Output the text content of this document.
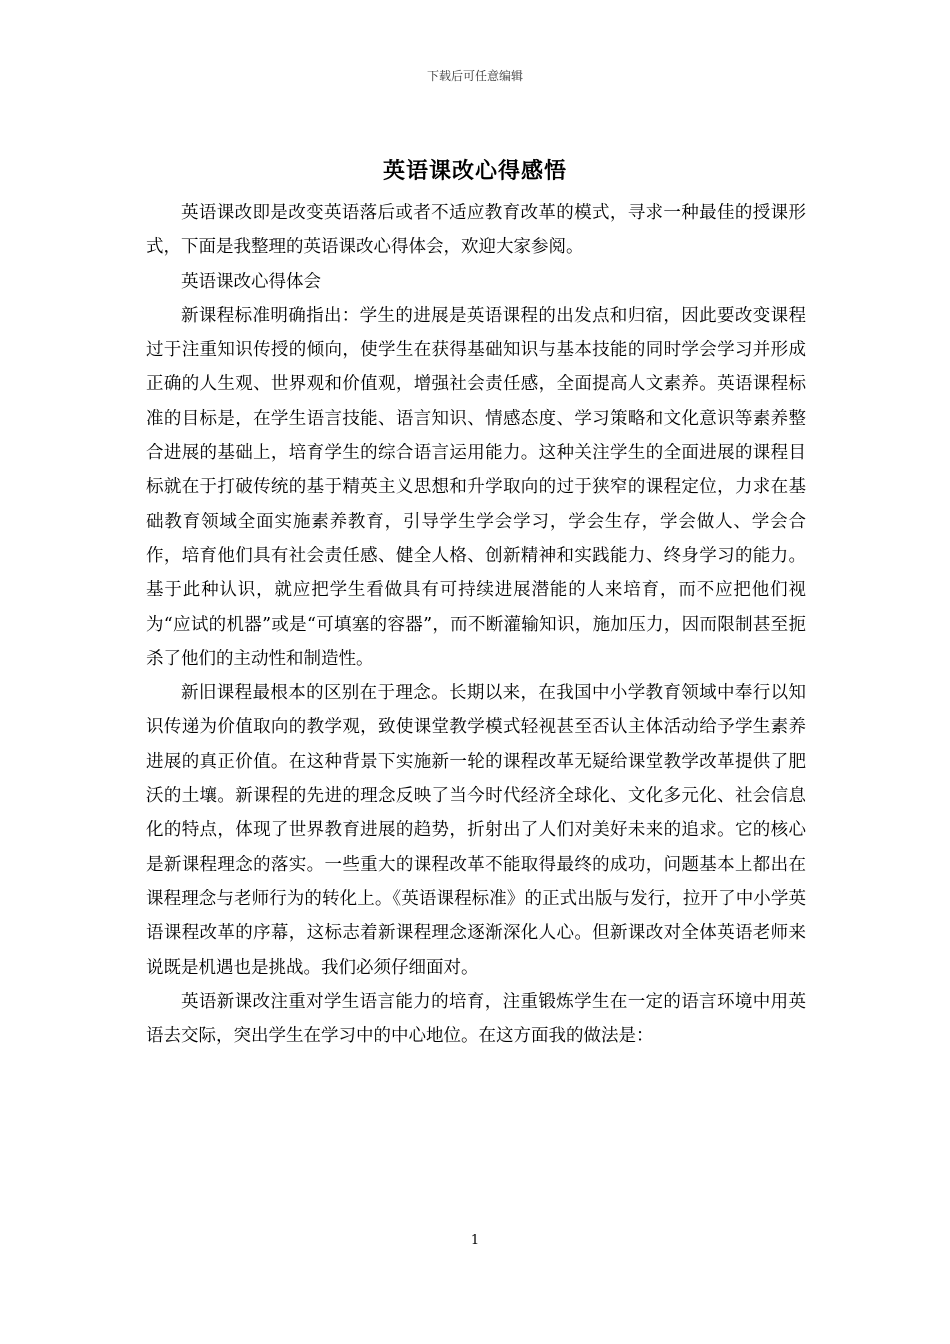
下载后可任意编辑
英语课改心得感悟

英语课改即是改变英语落后或者不适应教育改革的模式，寻求一种最佳的授课形式，下面是我整理的英语课改心得体会，欢迎大家参阅。

英语课改心得体会

新课程标准明确指出：学生的进展是英语课程的出发点和归宿，因此要改变课程过于注重知识传授的倾向，使学生在获得基础知识与基本技能的同时学会学习并形成正确的人生观、世界观和价值观，增强社会责任感，全面提高人文素养。英语课程标准的目标是，在学生语言技能、语言知识、情感态度、学习策略和文化意识等素养整合进展的基础上，培育学生的综合语言运用能力。这种关注学生的全面进展的课程目标就在于打破传统的基于精英主义思想和升学取向的过于狭窄的课程定位，力求在基础教育领域全面实施素养教育，引导学生学会学习，学会生存，学会做人、学会合作，培育他们具有社会责任感、健全人格、创新精神和实践能力、终身学习的能力。基于此种认识，就应把学生看做具有可持续进展潜能的人来培育，而不应把他们视为“应试的机器”或是“可填塞的容器”，而不断灌输知识，施加压力，因而限制甚至扼杀了他们的主动性和制造性。

新旧课程最根本的区别在于理念。长期以来，在我国中小学教育领域中奉行以知识传递为价值取向的教学观，致使课堂教学模式轻视甚至否认主体活动给予学生素养进展的真正价值。在这种背景下实施新一轮的课程改革无疑给课堂教学改革提供了肥沃的土壤。新课程的先进的理念反映了当今时代经济全球化、文化多元化、社会信息化的特点，体现了世界教育进展的趋势，折射出了人们对美好未来的追求。它的核心是新课程理念的落实。一些重大的课程改革不能取得最终的成功，问题基本上都出在课程理念与老师行为的转化上。《英语课程标准》的正式出版与发行，拉开了中小学英语课程改革的序幕，这标志着新课程理念逐渐深化人心。但新课改对全体英语老师来说既是机遇也是挑战。我们必须仔细面对。

英语新课改注重对学生语言能力的培育，注重锻炼学生在一定的语言环境中用英语去交际，突出学生在学习中的中心地位。在这方面我的做法是：

1
